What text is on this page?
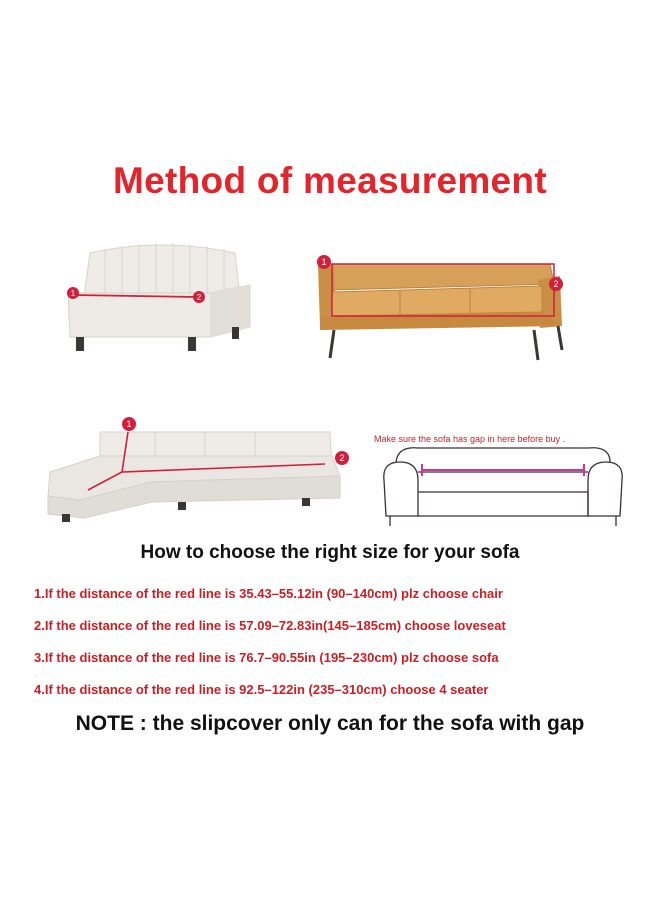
Method of measurement
1	2
1
2
1
2
Make sure the sofa has gap in here before buy .
How to choose the right size for your sofa
1.If the distance of the red line is 35.43–55.12in (90–140cm) plz choose chair
2.If the distance of the red line is 57.09–72.83in(145–185cm) choose loveseat
3.If the distance of the red line is 76.7–90.55in (195–230cm) plz choose sofa
4.If the distance of the red line is 92.5–122in (235–310cm) choose 4 seater
NOTE : the slipcover only can for the sofa with gap
